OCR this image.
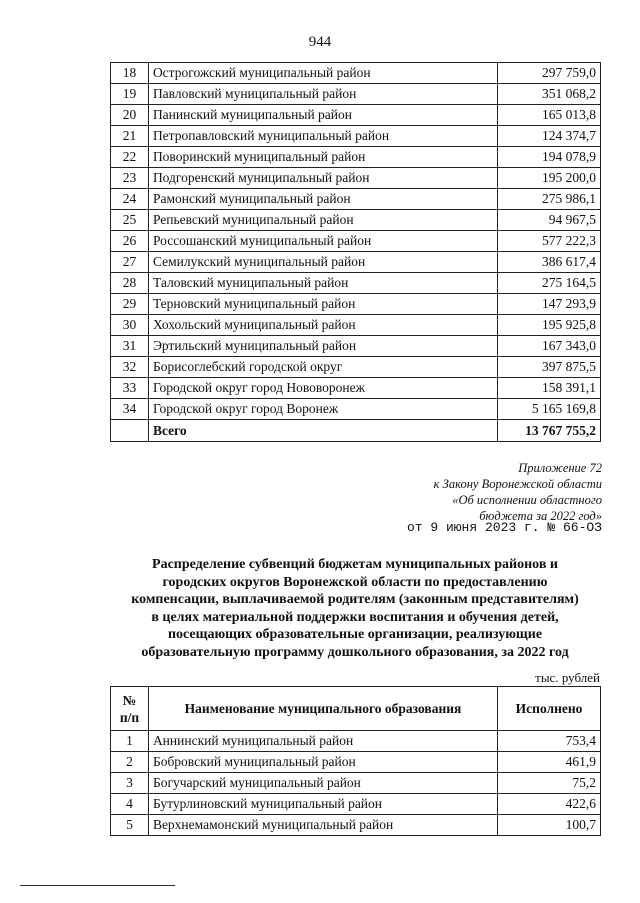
944
18	Острогожский муниципальный район	297 759,0
19	Павловский муниципальный район	351 068,2
20	Панинский муниципальный район	165 013,8
21	Петропавловский муниципальный район	124 374,7
22	Поворинский муниципальный район	194 078,9
23	Подгоренский муниципальный район	195 200,0
24	Рамонский муниципальный район	275 986,1
25	Репьевский муниципальный район	94 967,5
26	Россошанский муниципальный район	577 222,3
27	Семилукский муниципальный район	386 617,4
28	Таловский муниципальный район	275 164,5
29	Терновский муниципальный район	147 293,9
30	Хохольский муниципальный район	195 925,8
31	Эртильский муниципальный район	167 343,0
32	Борисоглебский городской округ	397 875,5
33	Городской округ город Нововоронеж	158 391,1
34	Городской округ город Воронеж	5 165 169,8
	Всего	13 767 755,2
Приложение 72
к Закону Воронежской области
«Об исполнении областного
бюджета за 2022 год»
от 9 июня 2023 г. № 66-ОЗ
Распределение субвенций бюджетам муниципальных районов и
городских округов Воронежской области по предоставлению
компенсации, выплачиваемой родителям (законным представителям)
в целях материальной поддержки воспитания и обучения детей,
посещающих образовательные организации, реализующие
образовательную программу дошкольного образования, за 2022 год
тыс. рублей
№
п/п	Наименование муниципального образования	Исполнено
1	Аннинский муниципальный район	753,4
2	Бобровский муниципальный район	461,9
3	Богучарский муниципальный район	75,2
4	Бутурлиновский муниципальный район	422,6
5	Верхнемамонский муниципальный район	100,7
